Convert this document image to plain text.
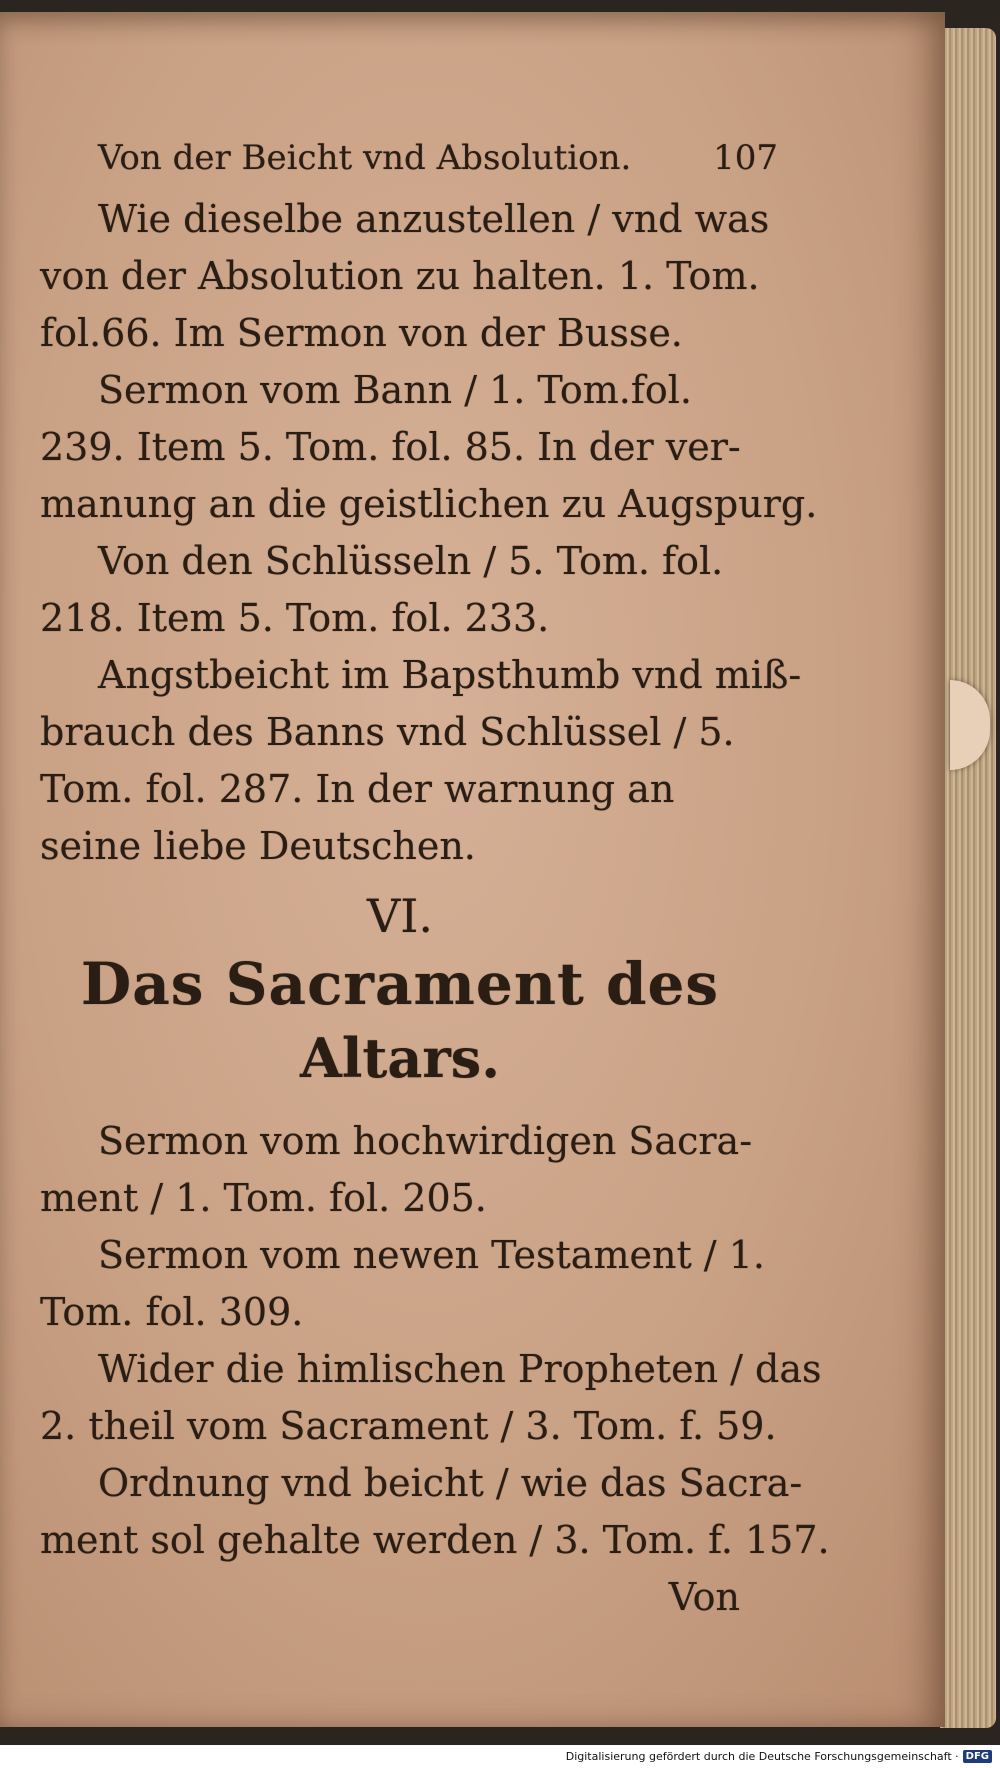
Von der Beicht vnd Absolution. 107
Wie dieselbe anzustellen / vnd was
von der Absolution zu halten. 1. Tom.
fol.66. Im Sermon von der Busse.
Sermon vom Bann / 1. Tom.fol.
239. Item 5. Tom. fol. 85. In der ver-
manung an die geistlichen zu Augspurg.
Von den Schlüsseln / 5. Tom. fol.
218. Item 5. Tom. fol. 233.
Angstbeicht im Bapsthumb vnd miß-
brauch des Banns vnd Schlüssel / 5.
Tom. fol. 287. In der warnung an
seine liebe Deutschen.
VI.
Das Sacrament des
Altars.
Sermon vom hochwirdigen Sacra-
ment / 1. Tom. fol. 205.
Sermon vom newen Testament / 1.
Tom. fol. 309.
Wider die himlischen Propheten / das
2. theil vom Sacrament / 3. Tom. f. 59.
Ordnung vnd beicht / wie das Sacra-
ment sol gehalte werden / 3. Tom. f. 157.
Von
Digitalisierung gefördert durch die Deutsche Forschungsgemeinschaft · DFG
